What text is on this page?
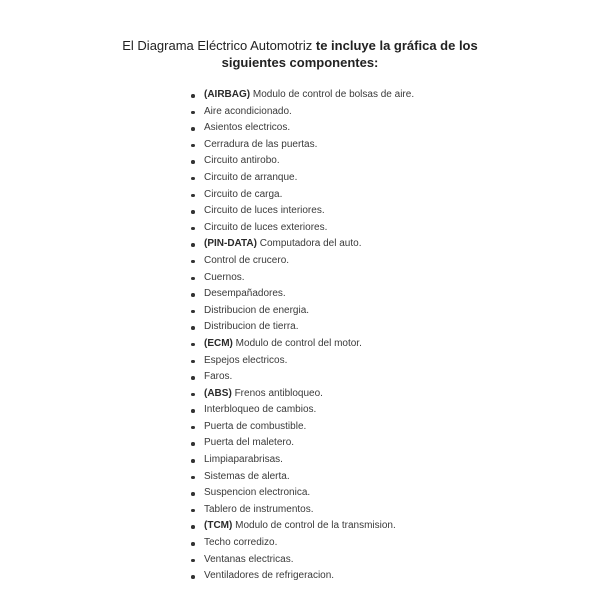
El Diagrama Eléctrico Automotriz te incluye la gráfica de los siguientes componentes:
(AIRBAG) Modulo de control de bolsas de aire.
Aire acondicionado.
Asientos electricos.
Cerradura de las puertas.
Circuito antirobo.
Circuito de arranque.
Circuito de carga.
Circuito de luces interiores.
Circuito de luces exteriores.
(PIN-DATA) Computadora del auto.
Control de crucero.
Cuernos.
Desempañadores.
Distribucion de energia.
Distribucion de tierra.
(ECM) Modulo de control del motor.
Espejos electricos.
Faros.
(ABS) Frenos antibloqueo.
Interbloqueo de cambios.
Puerta de combustible.
Puerta del maletero.
Limpiaparabrisas.
Sistemas de alerta.
Suspencion electronica.
Tablero de instrumentos.
(TCM) Modulo de control de la transmision.
Techo corredizo.
Ventanas electricas.
Ventiladores de refrigeracion.
